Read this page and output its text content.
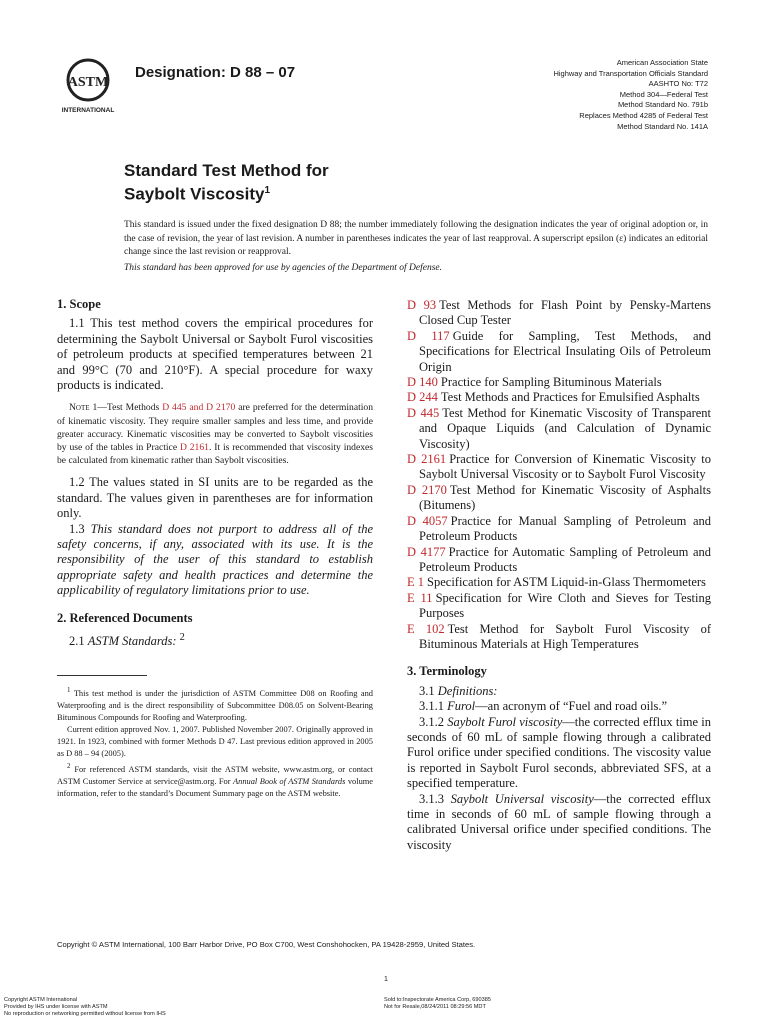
ASTM
INTERNATIONAL
Designation: D 88 – 07
American Association State
Highway and Transportation Officials Standard
AASHTO No: T72
Method 304—Federal Test
Method Standard No. 791b
Replaces Method 4285 of Federal Test
Method Standard No. 141A
Standard Test Method for
Saybolt Viscosity$^1$
This standard is issued under the fixed designation D 88; the number immediately following the designation indicates the year of original adoption or, in the case of revision, the year of last revision. A number in parentheses indicates the year of last reapproval. A superscript epsilon (ε) indicates an editorial change since the last revision or reapproval.
This standard has been approved for use by agencies of the Department of Defense.
1. Scope

1.1 This test method covers the empirical procedures for determining the Saybolt Universal or Saybolt Furol viscosities of petroleum products at specified temperatures between 21 and 99°C (70 and 210°F). A special procedure for waxy products is indicated.

Note 1—Test Methods D 445 and D 2170 are preferred for the determination of kinematic viscosity. They require smaller samples and less time, and provide greater accuracy. Kinematic viscosities may be converted to Saybolt viscosities by use of the tables in Practice D 2161. It is recommended that viscosity indexes be calculated from kinematic rather than Saybolt viscosities.

1.2 The values stated in SI units are to be regarded as the standard. The values given in parentheses are for information only.

1.3 This standard does not purport to address all of the safety concerns, if any, associated with its use. It is the responsibility of the user of this standard to establish appropriate safety and health practices and determine the applicability of regulatory limitations prior to use.

2. Referenced Documents

2.1 ASTM Standards: $^2$

D 93 Test Methods for Flash Point by Pensky-Martens Closed Cup Tester

D 117 Guide for Sampling, Test Methods, and Specifications for Electrical Insulating Oils of Petroleum Origin

D 140 Practice for Sampling Bituminous Materials

D 244 Test Methods and Practices for Emulsified Asphalts

D 445 Test Method for Kinematic Viscosity of Transparent and Opaque Liquids (and Calculation of Dynamic Viscosity)

D 2161 Practice for Conversion of Kinematic Viscosity to Saybolt Universal Viscosity or to Saybolt Furol Viscosity

D 2170 Test Method for Kinematic Viscosity of Asphalts (Bitumens)

D 4057 Practice for Manual Sampling of Petroleum and Petroleum Products

D 4177 Practice for Automatic Sampling of Petroleum and Petroleum Products

E 1 Specification for ASTM Liquid-in-Glass Thermometers

E 11 Specification for Wire Cloth and Sieves for Testing Purposes

E 102 Test Method for Saybolt Furol Viscosity of Bituminous Materials at High Temperatures

3. Terminology

3.1 Definitions:

3.1.1 Furol—an acronym of “Fuel and road oils.”

3.1.2 Saybolt Furol viscosity—the corrected efflux time in seconds of 60 mL of sample flowing through a calibrated Furol orifice under specified conditions. The viscosity value is reported in Saybolt Furol seconds, abbreviated SFS, at a specified temperature.

3.1.3 Saybolt Universal viscosity—the corrected efflux time in seconds of 60 mL of sample flowing through a calibrated Universal orifice under specified conditions. The viscosity

$^1$ This test method is under the jurisdiction of ASTM Committee D08 on Roofing and Waterproofing and is the direct responsibility of Subcommittee D08.05 on Solvent-Bearing Bituminous Compounds for Roofing and Waterproofing.

Current edition approved Nov. 1, 2007. Published November 2007. Originally approved in 1921. In 1923, combined with former Methods D 47. Last previous edition approved in 2005 as D 88 – 94 (2005).

$^2$ For referenced ASTM standards, visit the ASTM website, www.astm.org, or contact ASTM Customer Service at service@astm.org. For Annual Book of ASTM Standards volume information, refer to the standard’s Document Summary page on the ASTM website.

Copyright © ASTM International, 100 Barr Harbor Drive, PO Box C700, West Conshohocken, PA 19428-2959, United States.
1
Copyright ASTM International
Provided by IHS under license with ASTM
No reproduction or networking permitted without license from IHS
Sold to:Inspectorate America Corp, 690385
Not for Resale,08/24/2011 08:29:56 MDT
